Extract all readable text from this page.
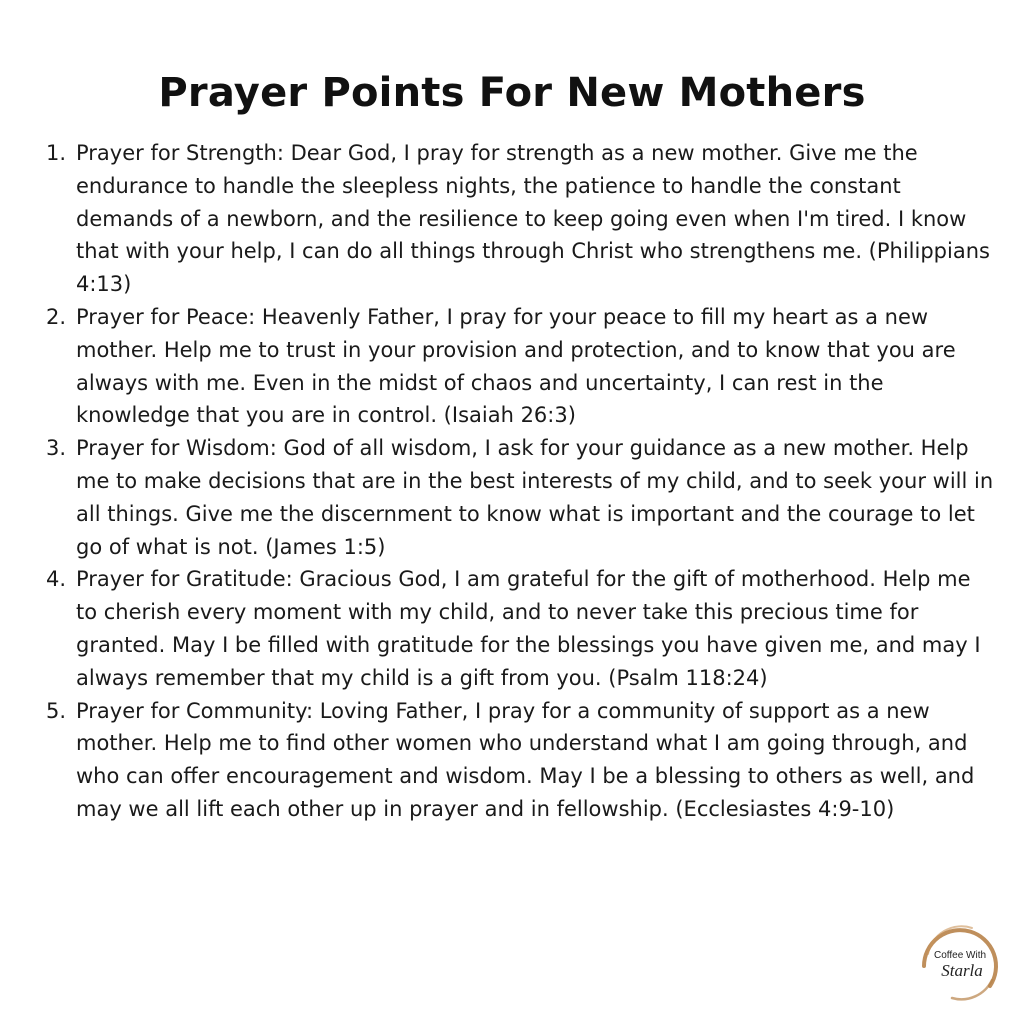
Prayer Points For New Mothers
1. Prayer for Strength: Dear God, I pray for strength as a new mother. Give me the endurance to handle the sleepless nights, the patience to handle the constant demands of a newborn, and the resilience to keep going even when I'm tired. I know that with your help, I can do all things through Christ who strengthens me. (Philippians 4:13)
2. Prayer for Peace: Heavenly Father, I pray for your peace to fill my heart as a new mother. Help me to trust in your provision and protection, and to know that you are always with me. Even in the midst of chaos and uncertainty, I can rest in the knowledge that you are in control. (Isaiah 26:3)
3. Prayer for Wisdom: God of all wisdom, I ask for your guidance as a new mother. Help me to make decisions that are in the best interests of my child, and to seek your will in all things. Give me the discernment to know what is important and the courage to let go of what is not. (James 1:5)
4. Prayer for Gratitude: Gracious God, I am grateful for the gift of motherhood. Help me to cherish every moment with my child, and to never take this precious time for granted. May I be filled with gratitude for the blessings you have given me, and may I always remember that my child is a gift from you. (Psalm 118:24)
5. Prayer for Community: Loving Father, I pray for a community of support as a new mother. Help me to find other women who understand what I am going through, and who can offer encouragement and wisdom. May I be a blessing to others as well, and may we all lift each other up in prayer and in fellowship. (Ecclesiastes 4:9-10)
Coffee With
Starla
